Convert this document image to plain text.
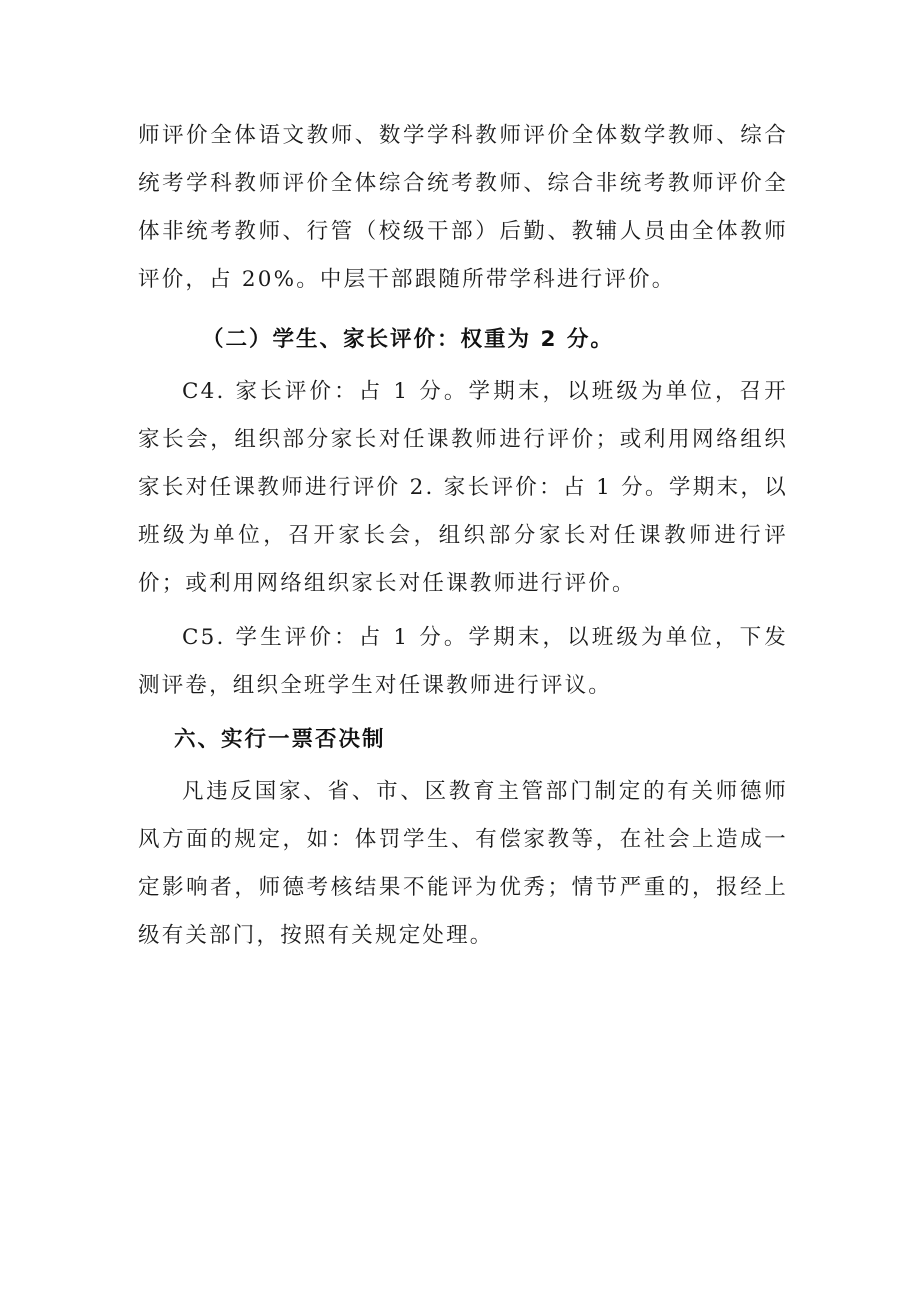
师评价全体语文教师、数学学科教师评价全体数学教师、综合统考学科教师评价全体综合统考教师、综合非统考教师评价全体非统考教师、行管（校级干部）后勤、教辅人员由全体教师评价，占 20%。中层干部跟随所带学科进行评价。

（二）学生、家长评价：权重为 2 分。

C4. 家长评价：占 1 分。学期末，以班级为单位，召开家长会，组织部分家长对任课教师进行评价；或利用网络组织家长对任课教师进行评价 2. 家长评价：占 1 分。学期末，以班级为单位，召开家长会，组织部分家长对任课教师进行评价；或利用网络组织家长对任课教师进行评价。

C5. 学生评价：占 1 分。学期末，以班级为单位，下发测评卷，组织全班学生对任课教师进行评议。

六、实行一票否决制

凡违反国家、省、市、区教育主管部门制定的有关师德师风方面的规定，如：体罚学生、有偿家教等，在社会上造成一定影响者，师德考核结果不能评为优秀；情节严重的，报经上级有关部门，按照有关规定处理。
